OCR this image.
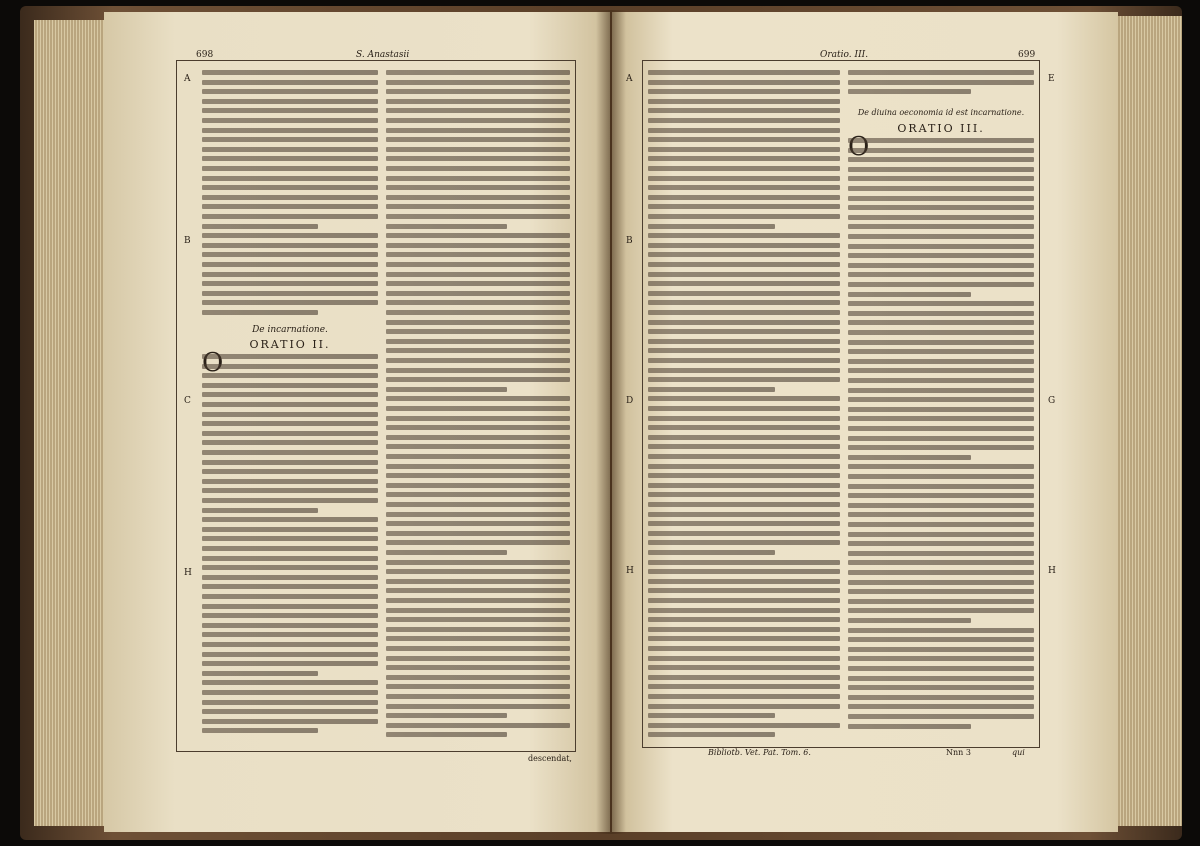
698	S. Anastasii
A
B
C
H
De incarnatione.
ORATIO II.
descendat,
Oratio. III.	699
A
B
D
H
E
G
H
De diuina oeconomia id est incarnatione.
ORATIO III.
Bibliotb. Vet. Pat. Tom. 6.	Nnn 3	qui
